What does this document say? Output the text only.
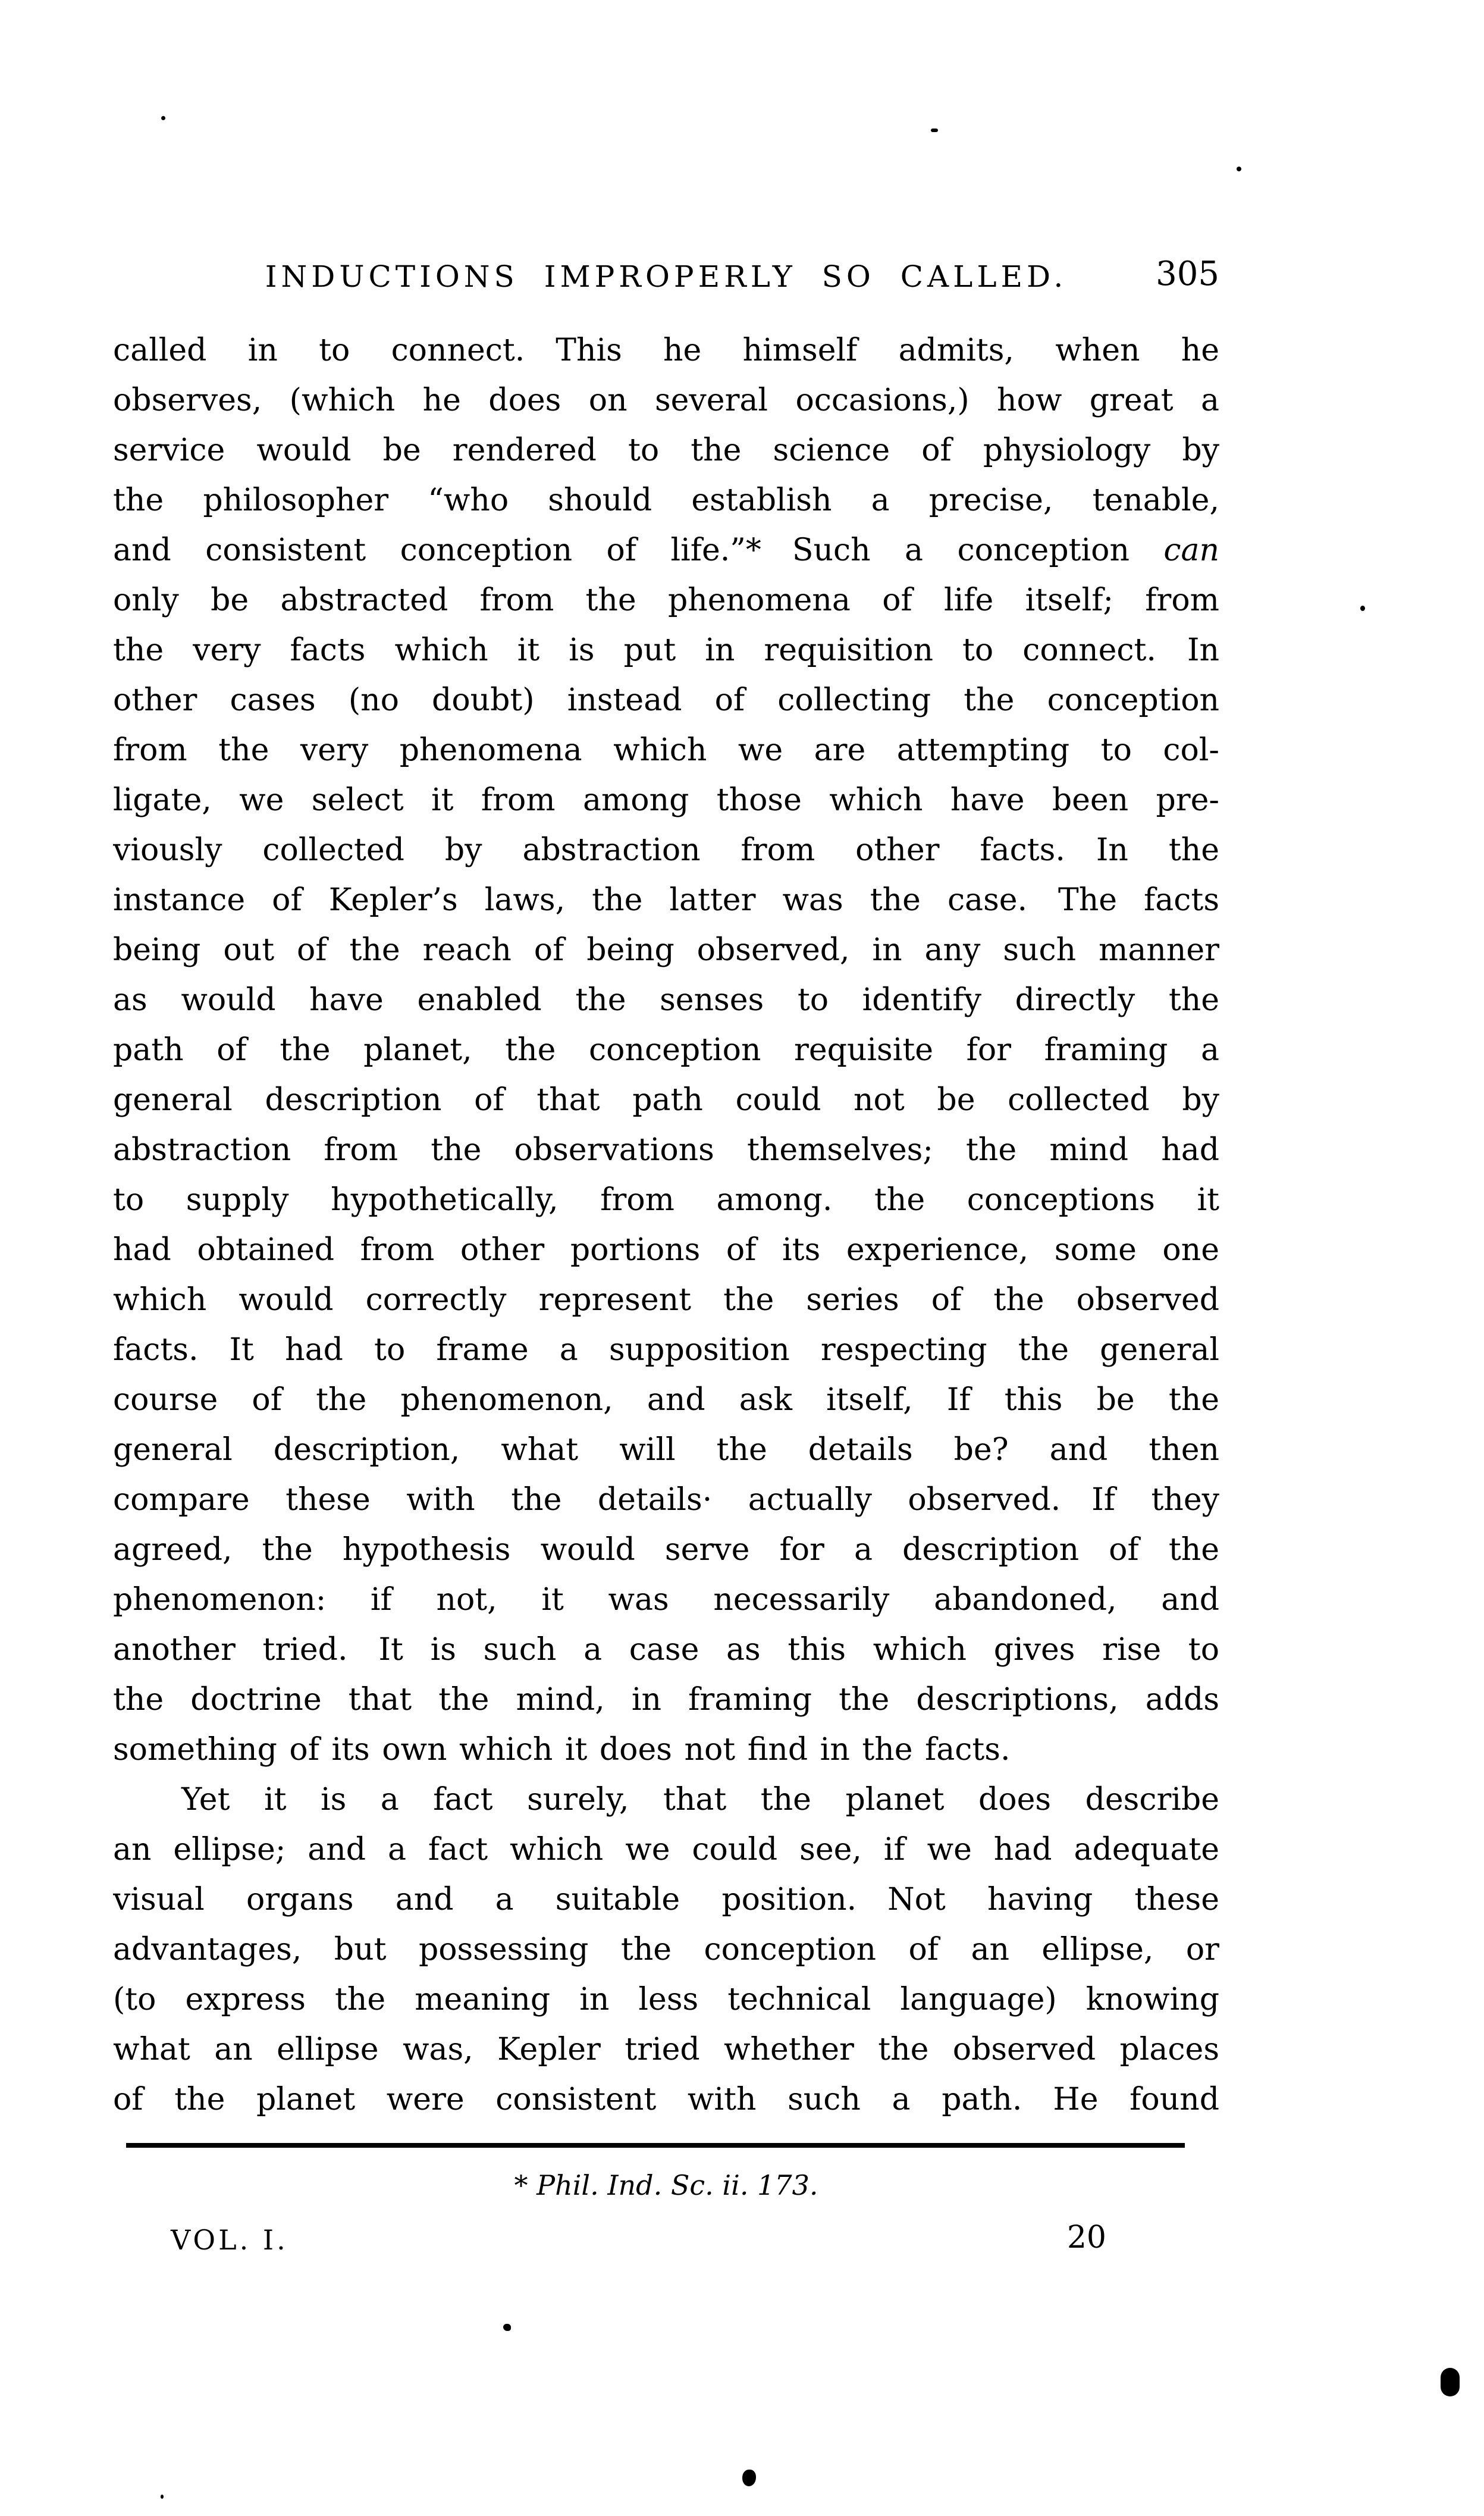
INDUCTIONS IMPROPERLY SO CALLED.	305
called in to connect. This he himself admits, when he
observes, (which he does on several occasions,) how great a
service would be rendered to the science of physiology by
the philosopher “who should establish a precise, tenable,
and consistent conception of life.”* Such a conception can
only be abstracted from the phenomena of life itself; from
the very facts which it is put in requisition to connect. In
other cases (no doubt) instead of collecting the conception
from the very phenomena which we are attempting to col-
ligate, we select it from among those which have been pre-
viously collected by abstraction from other facts. In the
instance of Kepler’s laws, the latter was the case. The facts
being out of the reach of being observed, in any such manner
as would have enabled the senses to identify directly the
path of the planet, the conception requisite for framing a
general description of that path could not be collected by
abstraction from the observations themselves; the mind had
to supply hypothetically, from among. the conceptions it
had obtained from other portions of its experience, some one
which would correctly represent the series of the observed
facts. It had to frame a supposition respecting the general
course of the phenomenon, and ask itself, If this be the
general description, what will the details be? and then
compare these with the details· actually observed. If they
agreed, the hypothesis would serve for a description of the
phenomenon: if not, it was necessarily abandoned, and
another tried. It is such a case as this which gives rise to
the doctrine that the mind, in framing the descriptions, adds
something of its own which it does not find in the facts.
Yet it is a fact surely, that the planet does describe
an ellipse; and a fact which we could see, if we had adequate
visual organs and a suitable position. Not having these
advantages, but possessing the conception of an ellipse, or
(to express the meaning in less technical language) knowing
what an ellipse was, Kepler tried whether the observed places
of the planet were consistent with such a path. He found
* Phil. Ind. Sc. ii. 173.
VOL. I.	20
